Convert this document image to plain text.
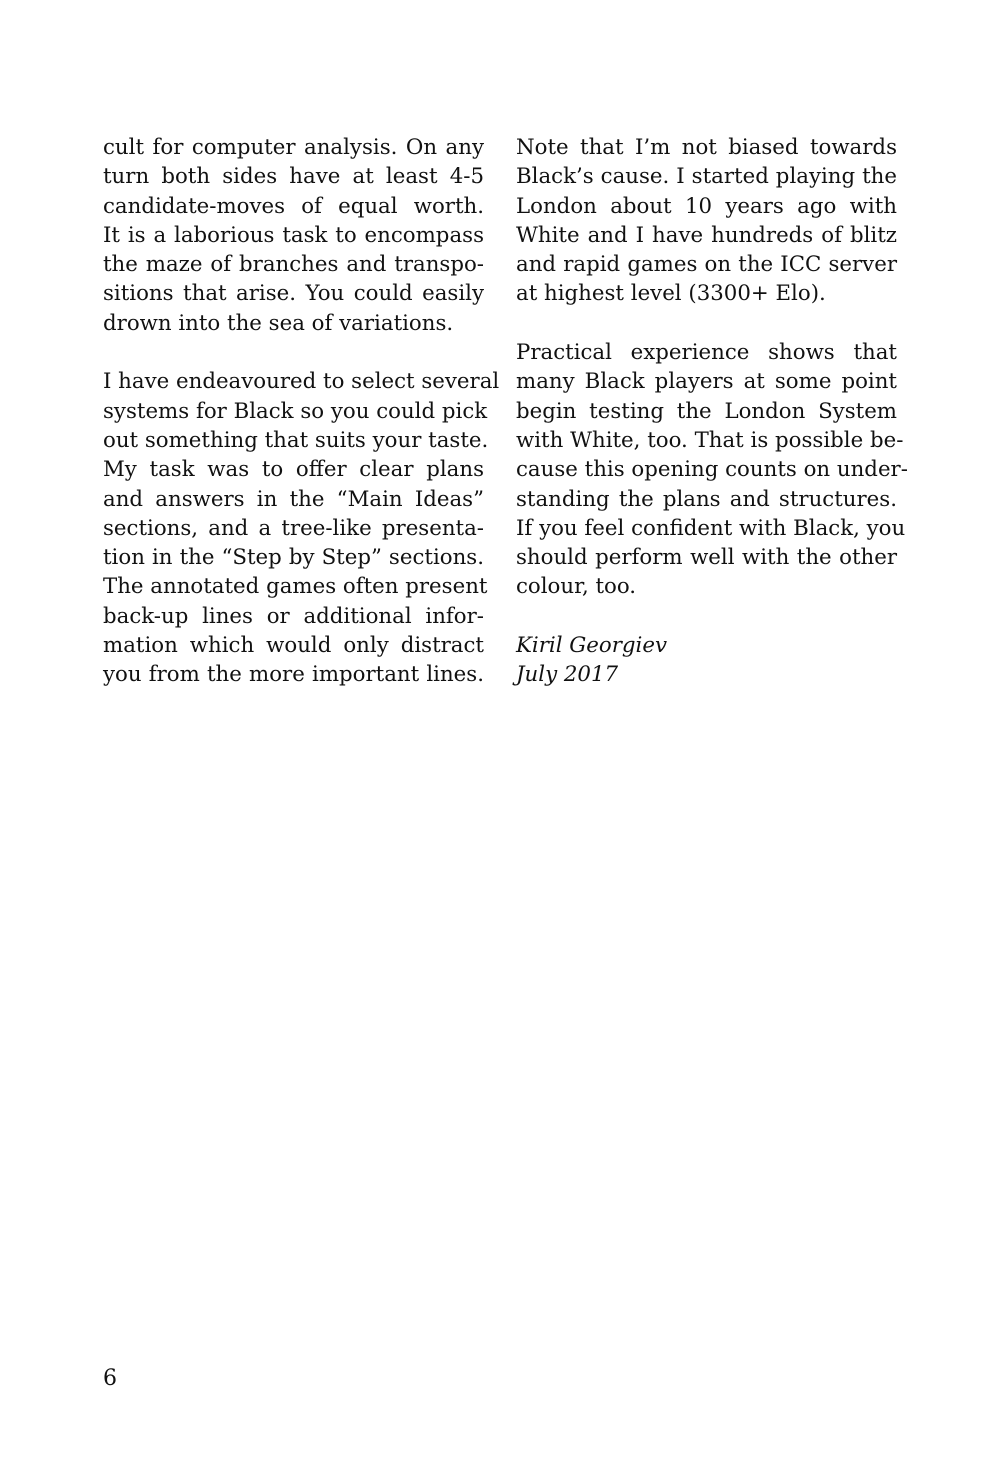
cult for computer analysis. On any
turn both sides have at least 4-5
candidate-moves of equal worth.
It is a laborious task to encompass
the maze of branches and transpo-
sitions that arise. You could easily
drown into the sea of variations.
I have endeavoured to select several
systems for Black so you could pick
out something that suits your taste.
My task was to offer clear plans
and answers in the “Main Ideas”
sections, and a tree-like presenta-
tion in the “Step by Step” sections.
The annotated games often present
back-up lines or additional infor-
mation which would only distract
you from the more important lines.
Note that I’m not biased towards
Black’s cause. I started playing the
London about 10 years ago with
White and I have hundreds of blitz
and rapid games on the ICC server
at highest level (3300+ Elo).
Practical experience shows that
many Black players at some point
begin testing the London System
with White, too. That is possible be-
cause this opening counts on under-
standing the plans and structures.
If you feel confident with Black, you
should perform well with the other
colour, too.
Kiril Georgiev
July 2017
6
